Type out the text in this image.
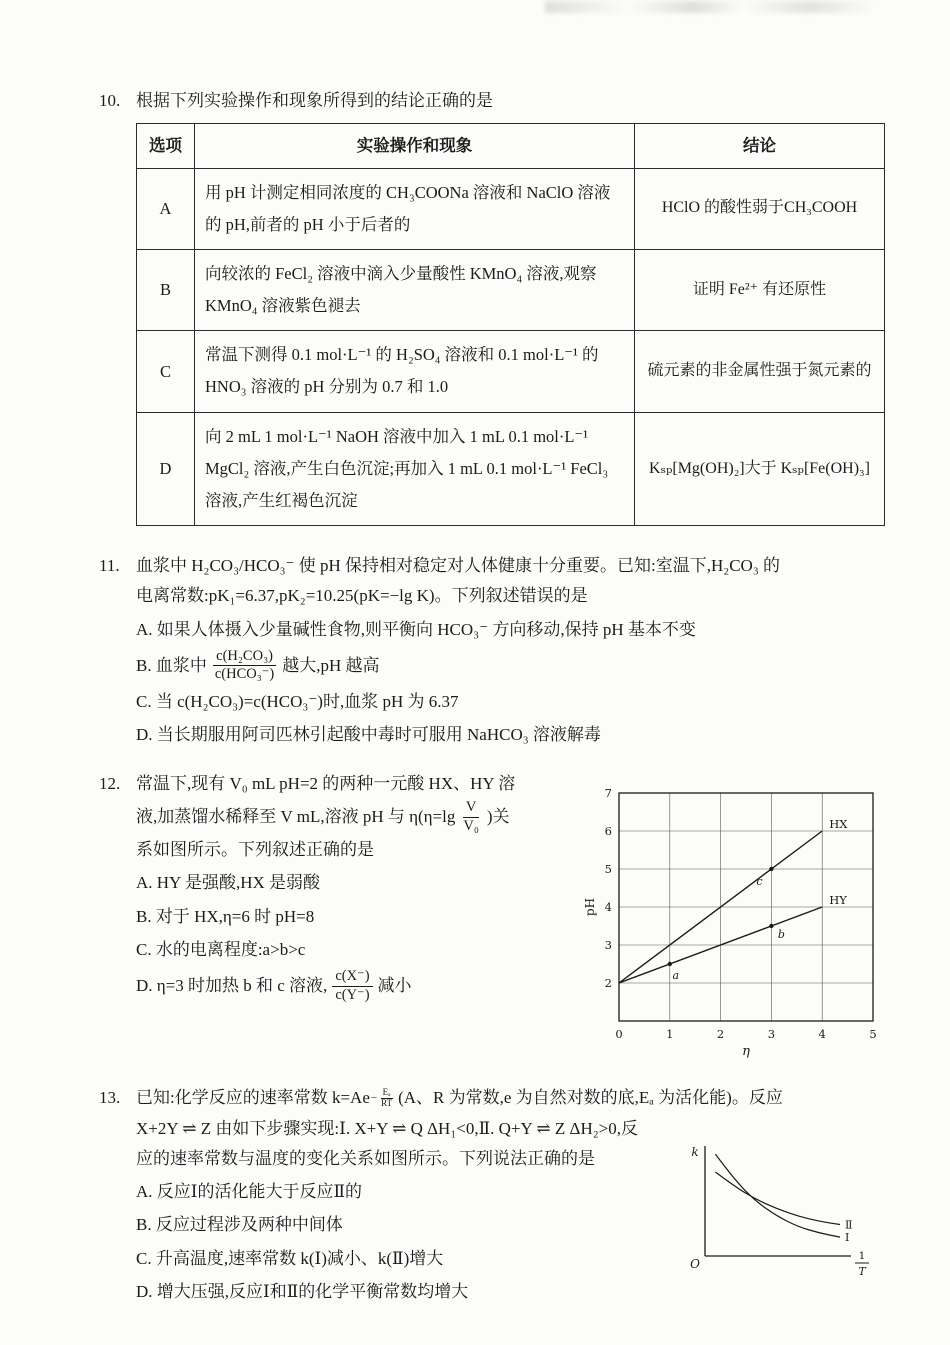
10. 根据下列实验操作和现象所得到的结论正确的是
选项	实验操作和现象	结论
A	用 pH 计测定相同浓度的 CH₃COONa 溶液和 NaClO 溶液的 pH,前者的 pH 小于后者的	HClO 的酸性弱于CH₃COOH
B	向较浓的 FeCl₂ 溶液中滴入少量酸性 KMnO₄ 溶液,观察 KMnO₄ 溶液紫色褪去	证明 Fe²⁺ 有还原性
C	常温下测得 0.1 mol·L⁻¹ 的 H₂SO₄ 溶液和 0.1 mol·L⁻¹ 的 HNO₃ 溶液的 pH 分别为 0.7 和 1.0	硫元素的非金属性强于氮元素的
D	向 2 mL 1 mol·L⁻¹ NaOH 溶液中加入 1 mL 0.1 mol·L⁻¹ MgCl₂ 溶液,产生白色沉淀;再加入 1 mL 0.1 mol·L⁻¹ FeCl₃ 溶液,产生红褐色沉淀	Kₛₚ[Mg(OH)₂]大于 Kₛₚ[Fe(OH)₃]
11. 血浆中 H₂CO₃/HCO₃⁻ 使 pH 保持相对稳定对人体健康十分重要。已知:室温下,H₂CO₃ 的
电离常数:pK₁=6.37,pK₂=10.25(pK=−lg K)。下列叙述错误的是
A. 如果人体摄入少量碱性食物,则平衡向 HCO₃⁻ 方向移动,保持 pH 基本不变
B. 血浆中 $\frac{\text{c(H₂CO₃)}}{\text{c(HCO₃⁻)}}$ 越大,pH 越高
C. 当 c(H₂CO₃)=c(HCO₃⁻)时,血浆 pH 为 6.37
D. 当长期服用阿司匹林引起酸中毒时可服用 NaHCO₃ 溶液解毒
12. 常温下,现有 V₀ mL pH=2 的两种一元酸 HX、HY 溶
液,加蒸馏水稀释至 V mL,溶液 pH 与 $\eta(\eta=\lg \frac{V}{\text{V₀}}$ )关
系如图所示。下列叙述正确的是
A. HY 是强酸,HX 是弱酸
B. 对于 HX,η=6 时 pH=8
C. 水的电离程度:a>b>c
D. η=3 时加热 b 和 c 溶液, $\frac{c(X^-)}{c(Y^-)}$ 减小
0	1	2	3	4	5
2
3
4
5
6
7
HX
HY
a
b
c
pH
η
13. 已知:化学反应的速率常数 $k=Ae - \frac{\text{Eₐ}}{RT} (A$、R 为常数,e 为自然对数的底,Eₐ 为活化能)。反应
X+2Y ⇌ Z 由如下步骤实现:Ⅰ. X+Y ⇌ Q ΔH₁<0,Ⅱ. Q+Y ⇌ Z ΔH₂>0,反
应的速率常数与温度的变化关系如图所示。下列说法正确的是
A. 反应Ⅰ的活化能大于反应Ⅱ的
B. 反应过程涉及两种中间体
C. 升高温度,速率常数 k(Ⅰ)减小、k(Ⅱ)增大
D. 增大压强,反应Ⅰ和Ⅱ的化学平衡常数均增大
k
O
1
T
Ⅰ
Ⅱ
